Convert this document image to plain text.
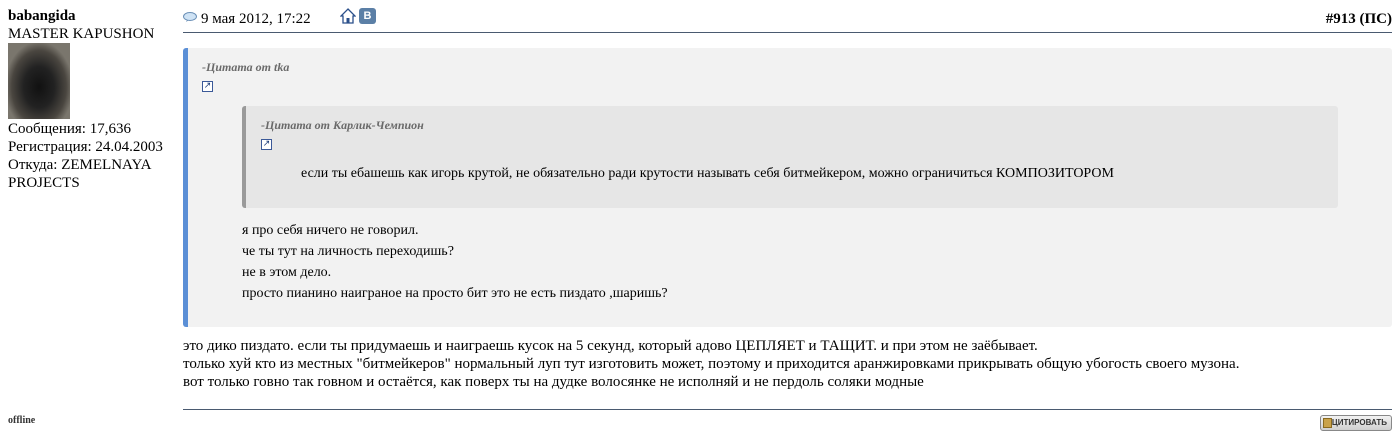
babangida
MASTER KAPUSHON
Сообщения: 17,636
Регистрация: 24.04.2003
Откуда: ZEMELNAYA PROJECTS
offline
9 мая 2012, 17:22	В	#913 (ПС)
-Цитата от tka
↗
-Цитата от Карлик-Чемпион
↗
если ты ебашешь как игорь крутой, не обязательно ради крутости называть себя битмейкером, можно ограничиться КОМПОЗИТОРОМ
я про себя ничего не говорил.
че ты тут на личность переходишь?
не в этом дело.
просто пианино наиграное на просто бит это не есть пиздато ,шаришь?
это дико пиздато. если ты придумаешь и наиграешь кусок на 5 секунд, который адово ЦЕПЛЯЕТ и ТАЩИТ. и при этом не заёбывает.
только хуй кто из местных "битмейкеров" нормальный луп тут изготовить может, поэтому и приходится аранжировками прикрывать общую убогость своего музона.
вот только говно так говном и остаётся, как поверх ты на дудке волосянке не исполняй и не пердоль соляки модные
ЦИТИРОВАТЬ
